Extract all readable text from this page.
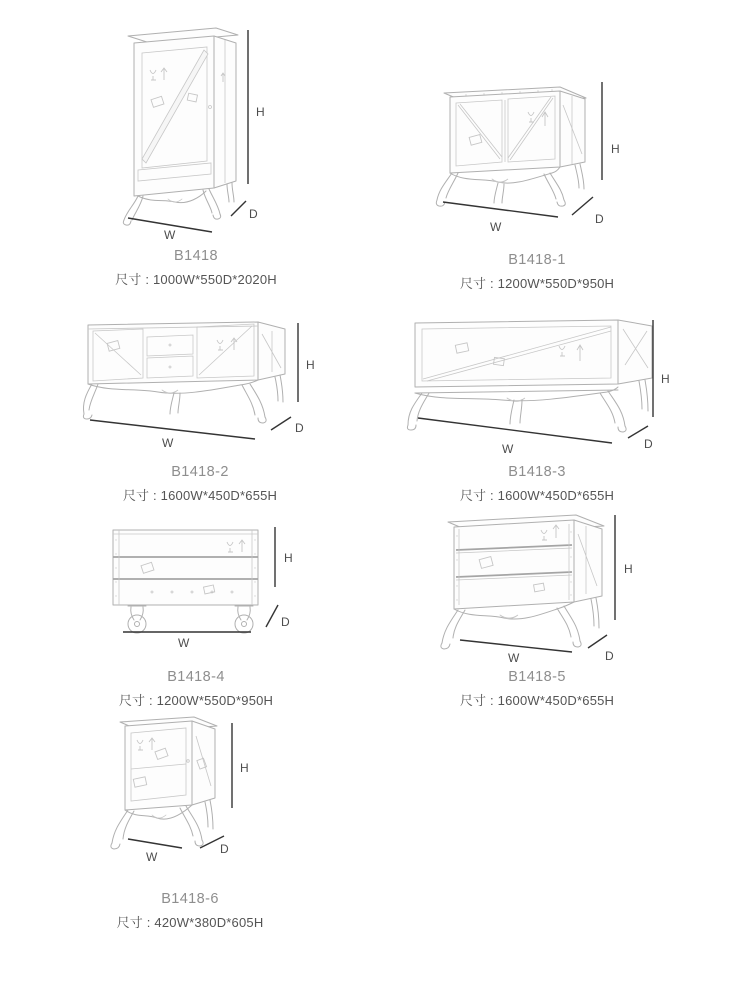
H
W
D
B1418
尺寸 : 1000W*550D*2020H
H
W
D
B1418-1
尺寸 : 1200W*550D*950H
H
W
D
B1418-2
尺寸 : 1600W*450D*655H
H
W	D
B1418-3
尺寸 : 1600W*450D*655H
H
W
D
B1418-4
尺寸 : 1200W*550D*950H
H
W	D
B1418-5
尺寸 : 1600W*450D*655H
H
W
D
B1418-6
尺寸 : 420W*380D*605H
